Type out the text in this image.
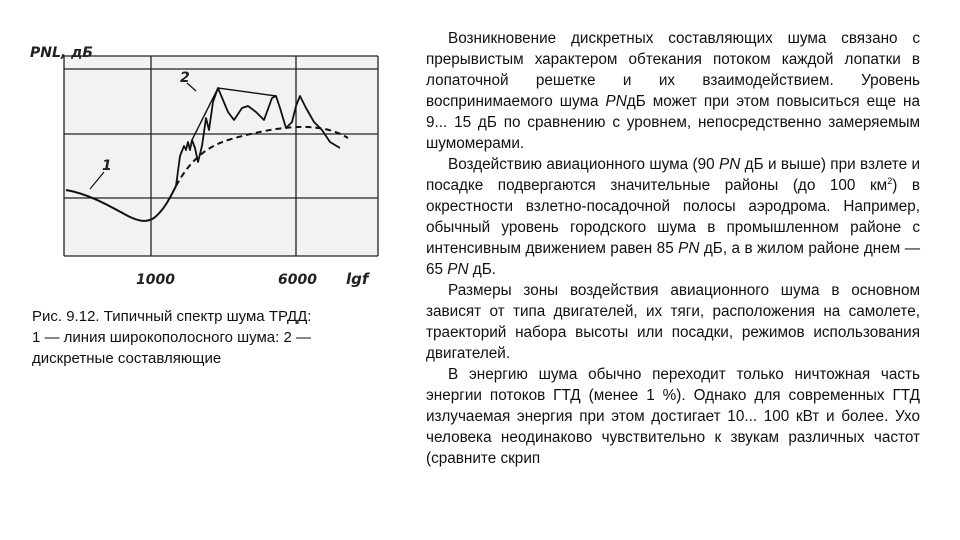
PNL, дБ
1
2
1000	6000 lgf

Рис. 9.12. Типичный спектр шума ТРДД:
1 — линия широкополосного шума: 2 —
дискретные составляющие

Возникновение дискретных составляющих шума связано с прерывистым характером обтекания потоком каждой лопатки в лопаточной решетке и их взаимодействием. Уровень воспринимаемого шума PNдБ может при этом повыситься еще на 9... 15 дБ по сравнению с уровнем, непосредственно замеряемым шумомерами.

Воздействию авиационного шума (90 PN дБ и выше) при взлете и посадке подвергаются значительные районы (до 100 $км^2$) в окрестности взлетно-посадочной полосы аэродрома. Например, обычный уровень городского шума в промышленном районе с интенсивным движением равен 85 PN дБ, а в жилом районе днем — 65 PN дБ.

Размеры зоны воздействия авиационного шума в основном зависят от типа двигателей, их тяги, расположения на самолете, траекторий набора высоты или посадки, режимов использования двигателей.

В энергию шума обычно переходит только ничтожная часть энергии потоков ГТД (менее 1 %). Однако для современных ГТД излучаемая энергия при этом достигает 10... 100 кВт и более. Ухо человека неодинаково чувствительно к звукам различных частот (сравните скрип
